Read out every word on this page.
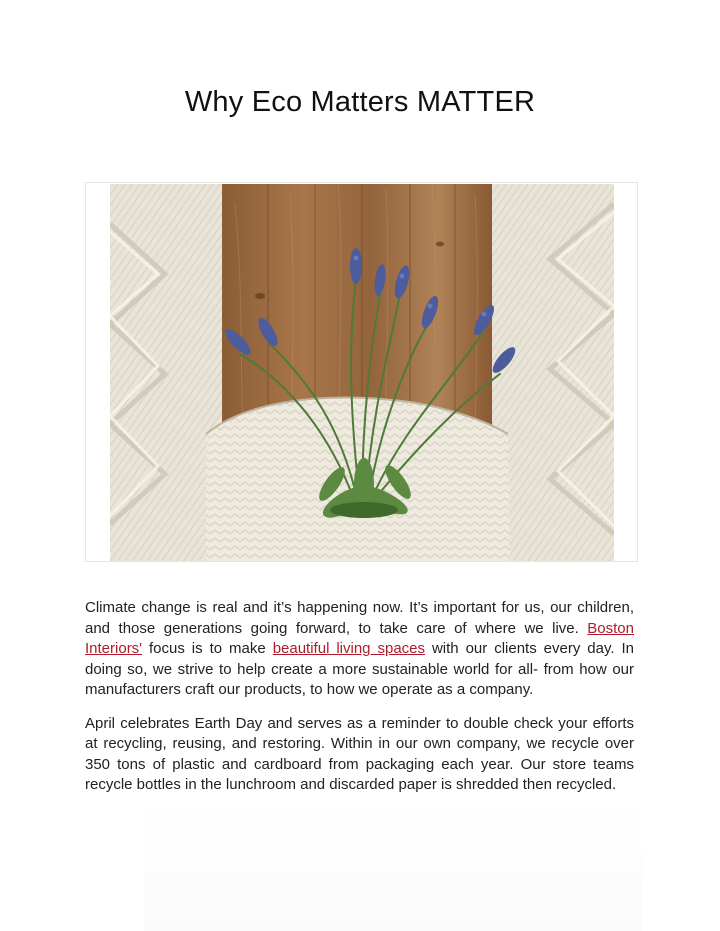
Why Eco Matters MATTER

Climate change is real and it’s happening now. It’s important for us, our children, and those generations going forward, to take care of where we live. Boston Interiors' focus is to make beautiful living spaces with our clients every day. In doing so, we strive to help create a more sustainable world for all- from how our manufacturers craft our products, to how we operate as a company.

April celebrates Earth Day and serves as a reminder to double check your efforts at recycling, reusing, and restoring. Within in our own company, we recycle over 350 tons of plastic and cardboard from packaging each year. Our store teams recycle bottles in the lunchroom and discarded paper is shredded then recycled.
